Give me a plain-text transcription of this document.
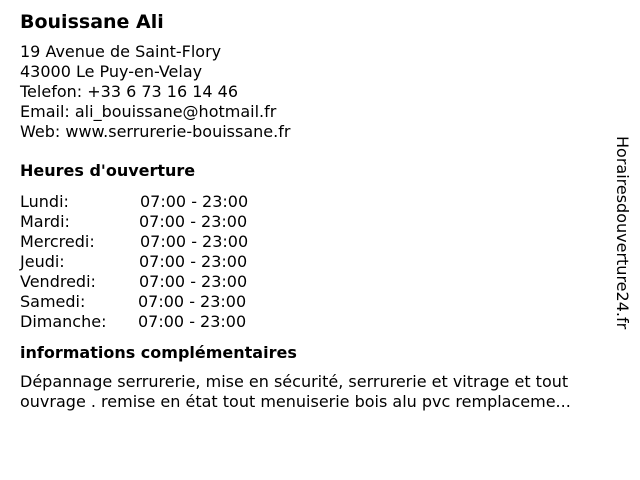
Bouissane Ali
19 Avenue de Saint-Flory
43000 Le Puy-en-Velay
Telefon: +33 6 73 16 14 46
Email: ali_bouissane@hotmail.fr
Web: www.serrurerie-bouissane.fr
Heures d'ouverture
Lundi:	07:00 - 23:00
Mardi:	07:00 - 23:00
Mercredi:	07:00 - 23:00
Jeudi:	07:00 - 23:00
Vendredi:	07:00 - 23:00
Samedi:	07:00 - 23:00
Dimanche: 07:00 - 23:00
informations complémentaires

Dépannage serrurerie, mise en sécurité, serrurerie et vitrage et tout ouvrage . remise en état tout menuiserie bois alu pvc remplaceme...

Horairesdouverture24.fr
